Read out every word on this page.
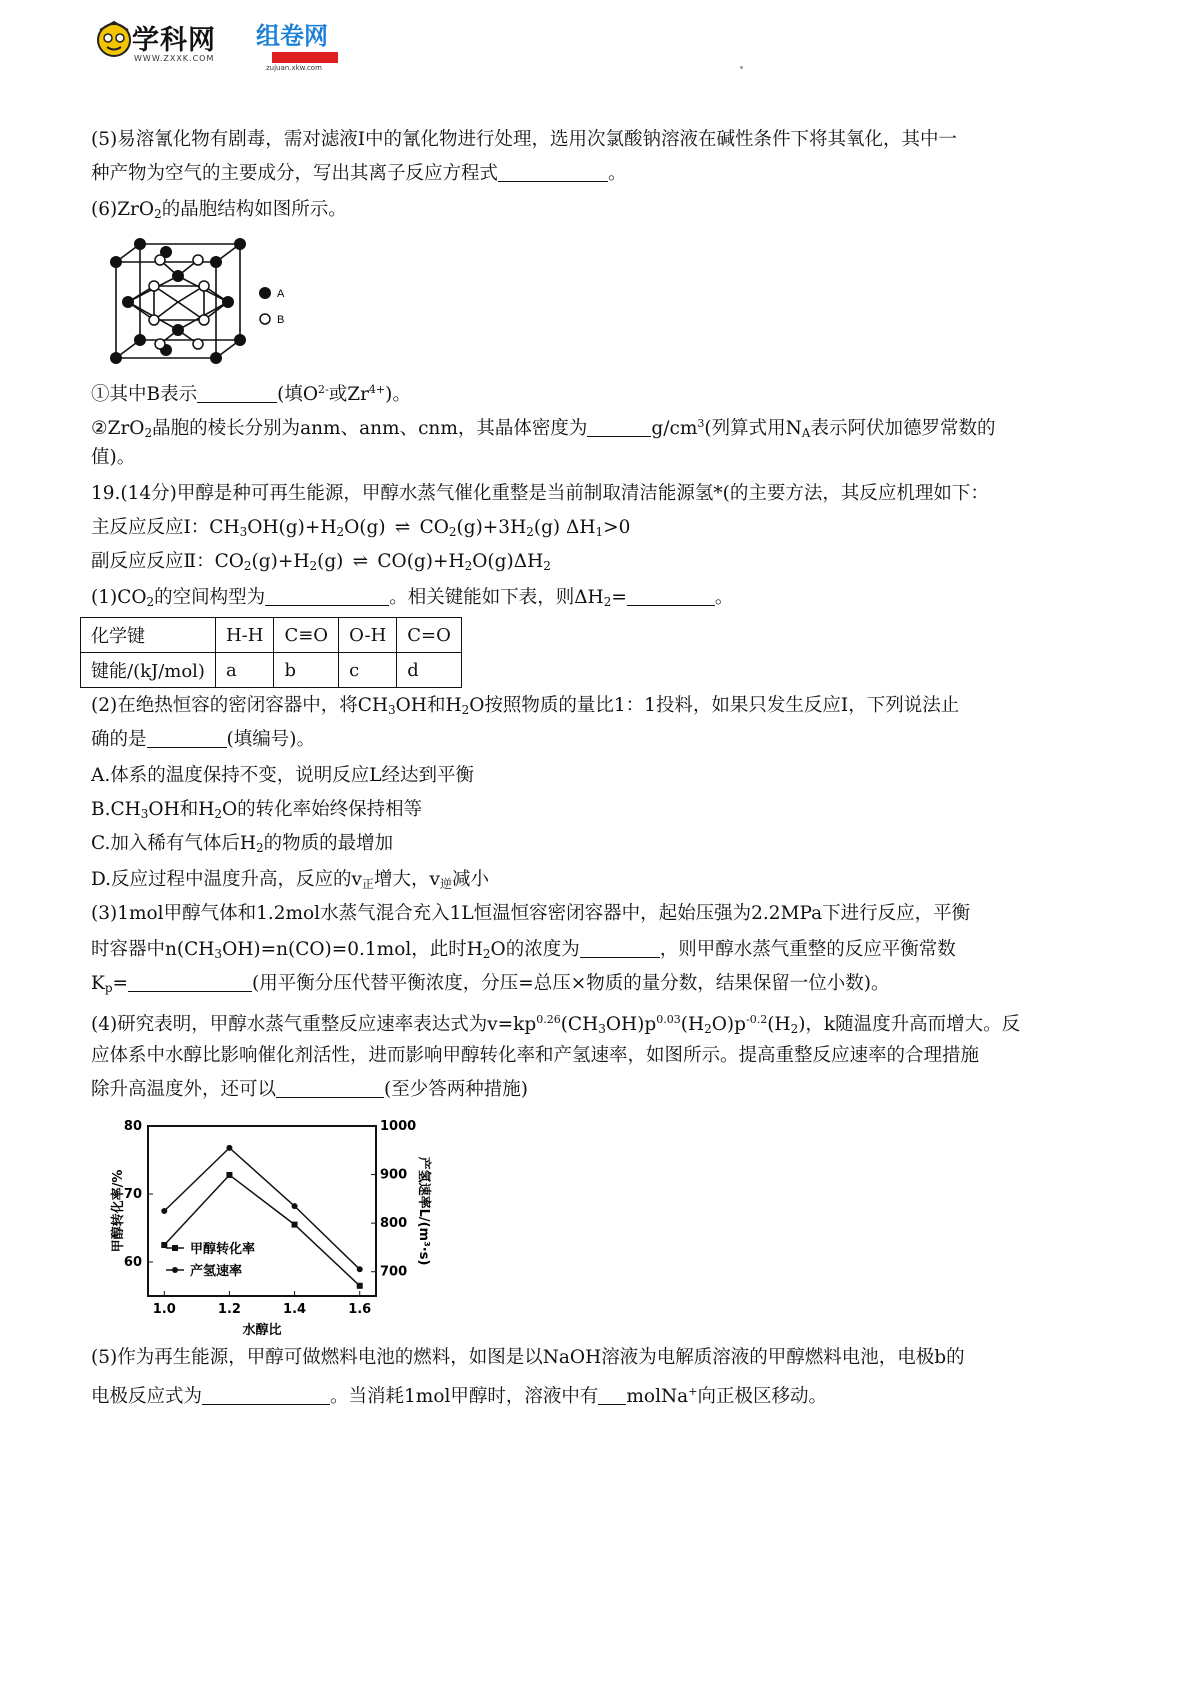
学科网 组卷网
WWW.ZXXK.COM
zujuan.xkw.com
(5)易溶氰化物有剧毒，需对滤液Ⅰ中的氰化物进行处理，选用次氯酸钠溶液在碱性条件下将其氧化，其中一
种产物为空气的主要成分，写出其离子反应方程式	。
(6)ZrO$_2$的晶胞结构如图所示。
A
B
①其中B表示	(填$O^{2-}$或$Zr^{4+}$)。
②ZrO$_2$晶胞的棱长分别为anm、anm、cnm，其晶体密度为	$g/cm^3$(列算式用$N_A$表示阿伏加德罗常数的
值)。
19.(14分)甲醇是种可再生能源，甲醇水蒸气催化重整是当前制取清洁能源氢*(的主要方法，其反应机理如下：
主反应反应Ⅰ：$CH_3OH(g)+H_2O(g)$ ⇌ $CO_2(g)+3H_2(g)$ $\Delta H_1>0$
副反应反应Ⅱ：$CO_2(g)+H_2(g)$ ⇌ $CO(g)+H_2O(g)\Delta H_2$
$(1)CO_2$的空间构型为	。相关键能如下表，则$\Delta H_2=$	。
化学键	H-H	C≡O	O-H	C=O
键能/(kJ/mol)	a	b	c	d
(2)在绝热恒容的密闭容器中，将$CH_3OH$和$H_2O$按照物质的量比1：1投料，如果只发生反应Ⅰ，下列说法止
确的是	(填编号)。
A.体系的温度保持不变，说明反应L经达到平衡
$B.CH_3OH$和$H_2O$的转化率始终保持相等
C.加入稀有气体后$H_2$的物质的最增加
D.反应过程中温度升高，反应的$v_正$增大，$v_逆$减小
(3)1mol甲醇气体和1.2mol水蒸气混合充入1L恒温恒容密闭容器中，起始压强为2.2MPa下进行反应，平衡
时容器中$n(CH_3OH)=n(CO)=0.1mol$，此时$H_2O$的浓度为	，则甲醇水蒸气重整的反应平衡常数
$K_p=$	(用平衡分压代替平衡浓度，分压=总压×物质的量分数，结果保留一位小数)。
(4)研究表明，甲醇水蒸气重整反应速率表达式为$v=kp^{0.26}(CH_3OH)p^{0.03}(H_2O)p^{-0.2}(H_2)$，k随温度升高而增大。反
应体系中水醇比影响催化剂活性，进而影响甲醇转化率和产氢速率，如图所示。提高重整反应速率的合理措施
除升高温度外，还可以	(至少答两种措施)
60
70
80
700
800
900
1000
1.0	1.2	1.4	1.6
水醇比
甲醇转化率/%	产氢速率L/(m³·s)
甲醇转化率
产氢速率
(5)作为再生能源，甲醇可做燃料电池的燃料，如图是以NaOH溶液为电解质溶液的甲醇燃料电池，电极b的
电极反应式为	。当消耗1mol甲醇时，溶液中有 molNa+向正极区移动。
